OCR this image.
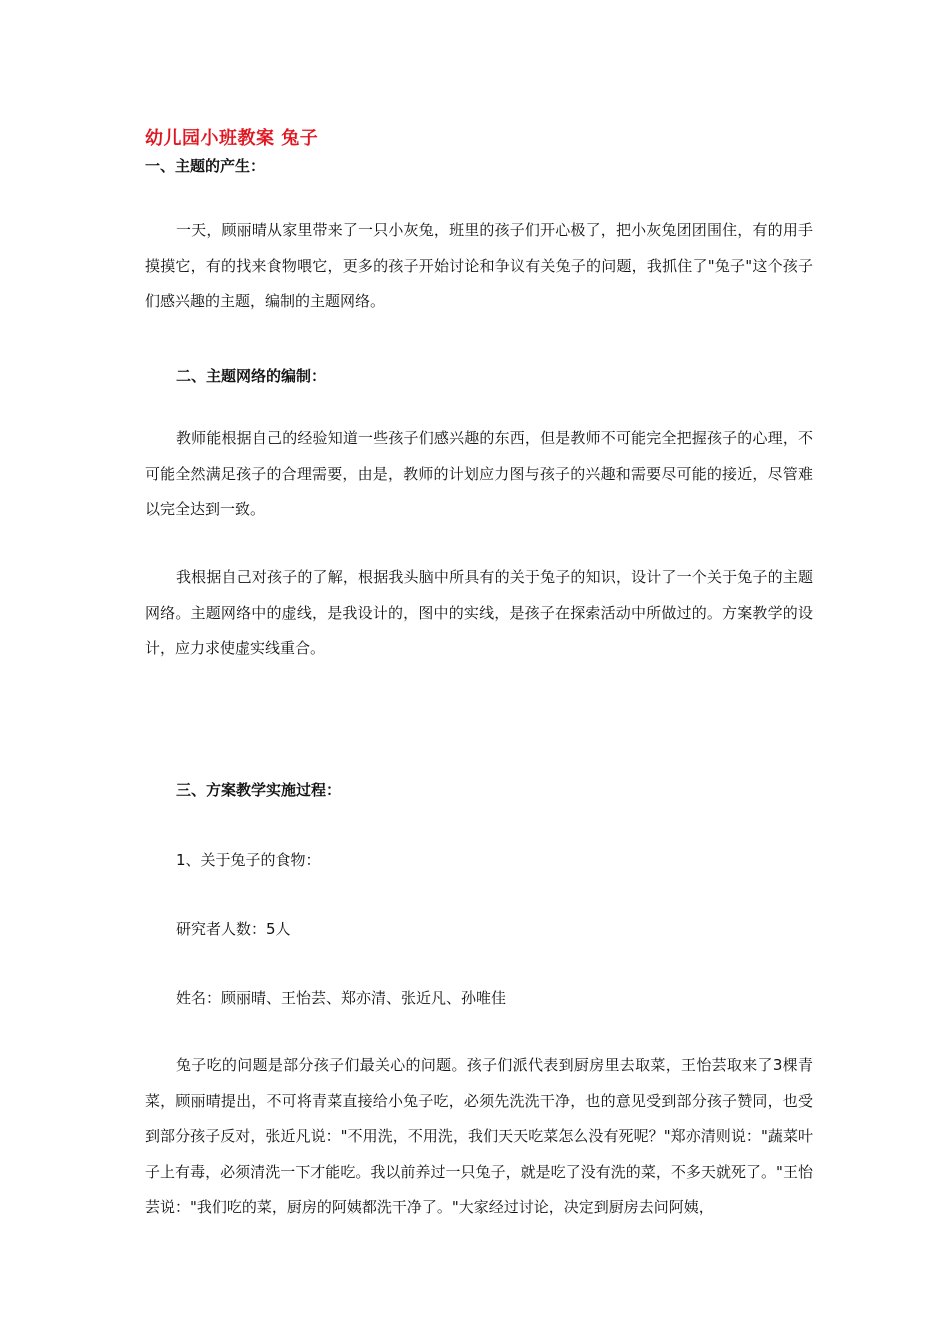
幼儿园小班教案 兔子
一、主题的产生：
一天，顾丽晴从家里带来了一只小灰兔，班里的孩子们开心极了，把小灰兔团团围住，有的用手摸摸它，有的找来食物喂它，更多的孩子开始讨论和争议有关兔子的问题，我抓住了"兔子"这个孩子们感兴趣的主题，编制的主题网络。
二、主题网络的编制：
教师能根据自己的经验知道一些孩子们感兴趣的东西，但是教师不可能完全把握孩子的心理，不可能全然满足孩子的合理需要，由是，教师的计划应力图与孩子的兴趣和需要尽可能的接近，尽管难以完全达到一致。
我根据自己对孩子的了解，根据我头脑中所具有的关于兔子的知识，设计了一个关于兔子的主题网络。主题网络中的虚线，是我设计的，图中的实线，是孩子在探索活动中所做过的。方案教学的设计，应力求使虚实线重合。
三、方案教学实施过程：
1、关于兔子的食物：
研究者人数：5人
姓名：顾丽晴、王怡芸、郑亦清、张近凡、孙唯佳
兔子吃的问题是部分孩子们最关心的问题。孩子们派代表到厨房里去取菜，王怡芸取来了3棵青菜，顾丽晴提出，不可将青菜直接给小兔子吃，必须先洗洗干净，也的意见受到部分孩子赞同，也受到部分孩子反对，张近凡说："不用洗，不用洗，我们天天吃菜怎么没有死呢？"郑亦清则说："蔬菜叶子上有毒，必须清洗一下才能吃。我以前养过一只兔子，就是吃了没有洗的菜，不多天就死了。"王怡芸说："我们吃的菜，厨房的阿姨都洗干净了。"大家经过讨论，决定到厨房去问阿姨，
